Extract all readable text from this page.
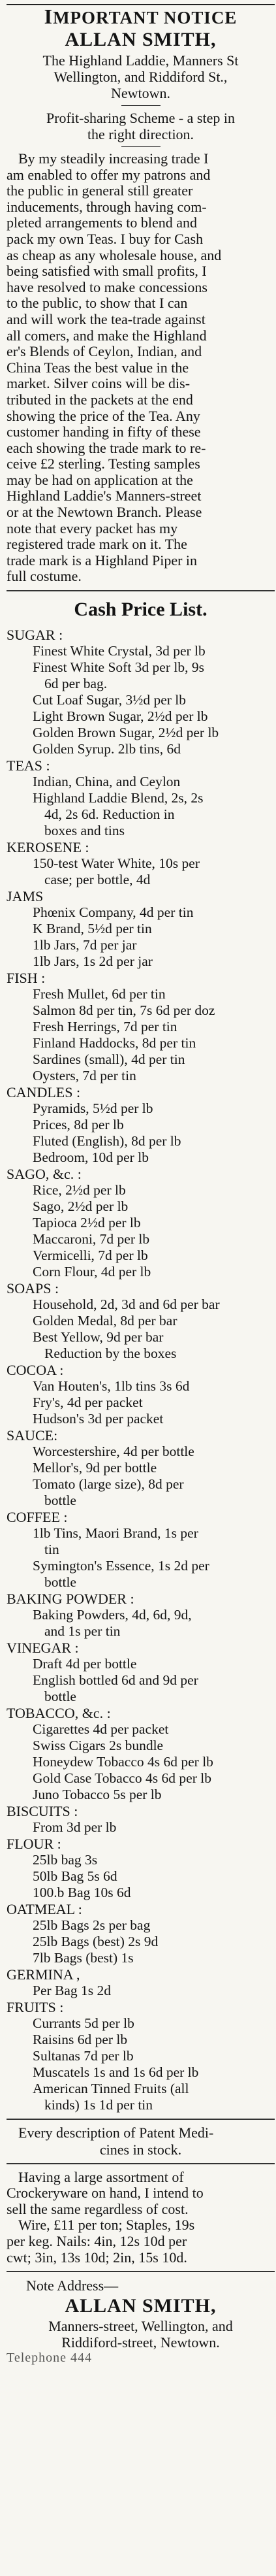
IMPORTANT NOTICE
ALLAN SMITH,
The Highland Laddie, Manners St
Wellington, and Riddiford St.,
Newtown.
Profit-sharing Scheme - a step in
the right direction.
By my steadily increasing trade I
am enabled to offer my patrons and
the public in general still greater
inducements, through having com-
pleted arrangements to blend and
pack my own Teas. I buy for Cash
as cheap as any wholesale house, and
being satisfied with small profits, I
have resolved to make concessions
to the public, to show that I can
and will work the tea-trade against
all comers, and make the Highland
er's Blends of Ceylon, Indian, and
China Teas the best value in the
market. Silver coins will be dis-
tributed in the packets at the end
showing the price of the Tea. Any
customer handing in fifty of these
each showing the trade mark to re-
ceive £2 sterling. Testing samples
may be had on application at the
Highland Laddie's Manners-street
or at the Newtown Branch. Please
note that every packet has my
registered trade mark on it. The
trade mark is a Highland Piper in
full costume.
Cash Price List.
SUGAR :
Finest White Crystal, 3d per lb
Finest White Soft 3d per lb, 9s
6d per bag.
Cut Loaf Sugar, 3½d per lb
Light Brown Sugar, 2½d per lb
Golden Brown Sugar, 2½d per lb
Golden Syrup. 2lb tins, 6d
TEAS :
Indian, China, and Ceylon
Highland Laddie Blend, 2s, 2s
4d, 2s 6d. Reduction in
boxes and tins
KEROSENE :
150-test Water White, 10s per
case; per bottle, 4d
JAMS
Phœnix Company, 4d per tin
K Brand, 5½d per tin
1lb Jars, 7d per jar
1lb Jars, 1s 2d per jar
FISH :
Fresh Mullet, 6d per tin
Salmon 8d per tin, 7s 6d per doz
Fresh Herrings, 7d per tin
Finland Haddocks, 8d per tin
Sardines (small), 4d per tin
Oysters, 7d per tin
CANDLES :
Pyramids, 5½d per lb
Prices, 8d per lb
Fluted (English), 8d per lb
Bedroom, 10d per lb
SAGO, &c. :
Rice, 2½d per lb
Sago, 2½d per lb
Tapioca 2½d per lb
Maccaroni, 7d per lb
Vermicelli, 7d per lb
Corn Flour, 4d per lb
SOAPS :
Household, 2d, 3d and 6d per bar
Golden Medal, 8d per bar
Best Yellow, 9d per bar
Reduction by the boxes
COCOA :
Van Houten's, 1lb tins 3s 6d
Fry's, 4d per packet
Hudson's 3d per packet
SAUCE:
Worcestershire, 4d per bottle
Mellor's, 9d per bottle
Tomato (large size), 8d per
bottle
COFFEE :
1lb Tins, Maori Brand, 1s per
tin
Symington's Essence, 1s 2d per
bottle
BAKING POWDER :
Baking Powders, 4d, 6d, 9d,
and 1s per tin
VINEGAR :
Draft 4d per bottle
English bottled 6d and 9d per
bottle
TOBACCO, &c. :
Cigarettes 4d per packet
Swiss Cigars 2s bundle
Honeydew Tobacco 4s 6d per lb
Gold Case Tobacco 4s 6d per lb
Juno Tobacco 5s per lb
BISCUITS :
From 3d per lb
FLOUR :
25lb bag 3s
50lb Bag 5s 6d
100.b Bag 10s 6d
OATMEAL :
25lb Bags 2s per bag
25lb Bags (best) 2s 9d
7lb Bags (best) 1s
GERMINA ,
Per Bag 1s 2d
FRUITS :
Currants 5d per lb
Raisins 6d per lb
Sultanas 7d per lb
Muscatels 1s and 1s 6d per lb
American Tinned Fruits (all
kinds) 1s 1d per tin
Every description of Patent Medi-
cines in stock.
Having a large assortment of
Crockeryware on hand, I intend to
sell the same regardless of cost.
Wire, £11 per ton; Staples, 19s
per keg. Nails: 4in, 12s 10d per
cwt; 3in, 13s 10d; 2in, 15s 10d.
Note Address—
ALLAN SMITH,
Manners-street, Wellington, and
Riddiford-street, Newtown.
Telephone 444
